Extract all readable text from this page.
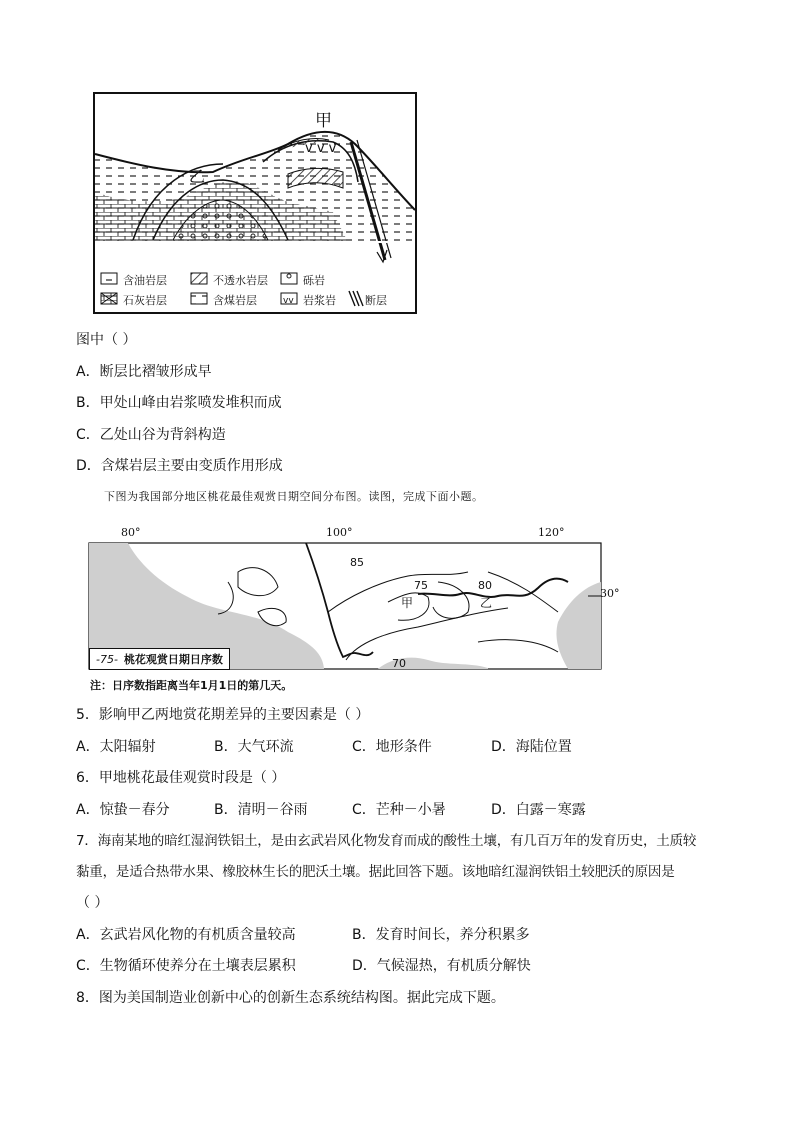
v v v
vv
甲
乙
含油岩层	不透水岩层	砾岩
石灰岩层	含煤岩层	岩浆岩	断层
图中（ ）
A．断层比褶皱形成早
B．甲处山峰由岩浆喷发堆积而成
C．乙处山谷为背斜构造
D．含煤岩层主要由变质作用形成
下图为我国部分地区桃花最佳观赏日期空间分布图。读图，完成下面小题。
80°	100°	120°
30°
85
75	80
70
甲	乙
-75- 桃花观赏日期日序数
注：日序数指距离当年1月1日的第几天。
5．影响甲乙两地赏花期差异的主要因素是（ ）
A．太阳辐射	B．大气环流	C．地形条件	D．海陆位置
6．甲地桃花最佳观赏时段是（ ）
A．惊蛰－春分	B．清明－谷雨	C．芒种－小暑	D．白露－寒露
7．海南某地的暗红湿润铁铝土，是由玄武岩风化物发育而成的酸性土壤，有几百万年的发育历史，土质较
黏重，是适合热带水果、橡胶林生长的肥沃土壤。据此回答下题。该地暗红湿润铁铝土较肥沃的原因是
（ ）
A．玄武岩风化物的有机质含量较高	B．发育时间长，养分积累多
C．生物循环使养分在土壤表层累积	D．气候湿热，有机质分解快
8．图为美国制造业创新中心的创新生态系统结构图。据此完成下题。
